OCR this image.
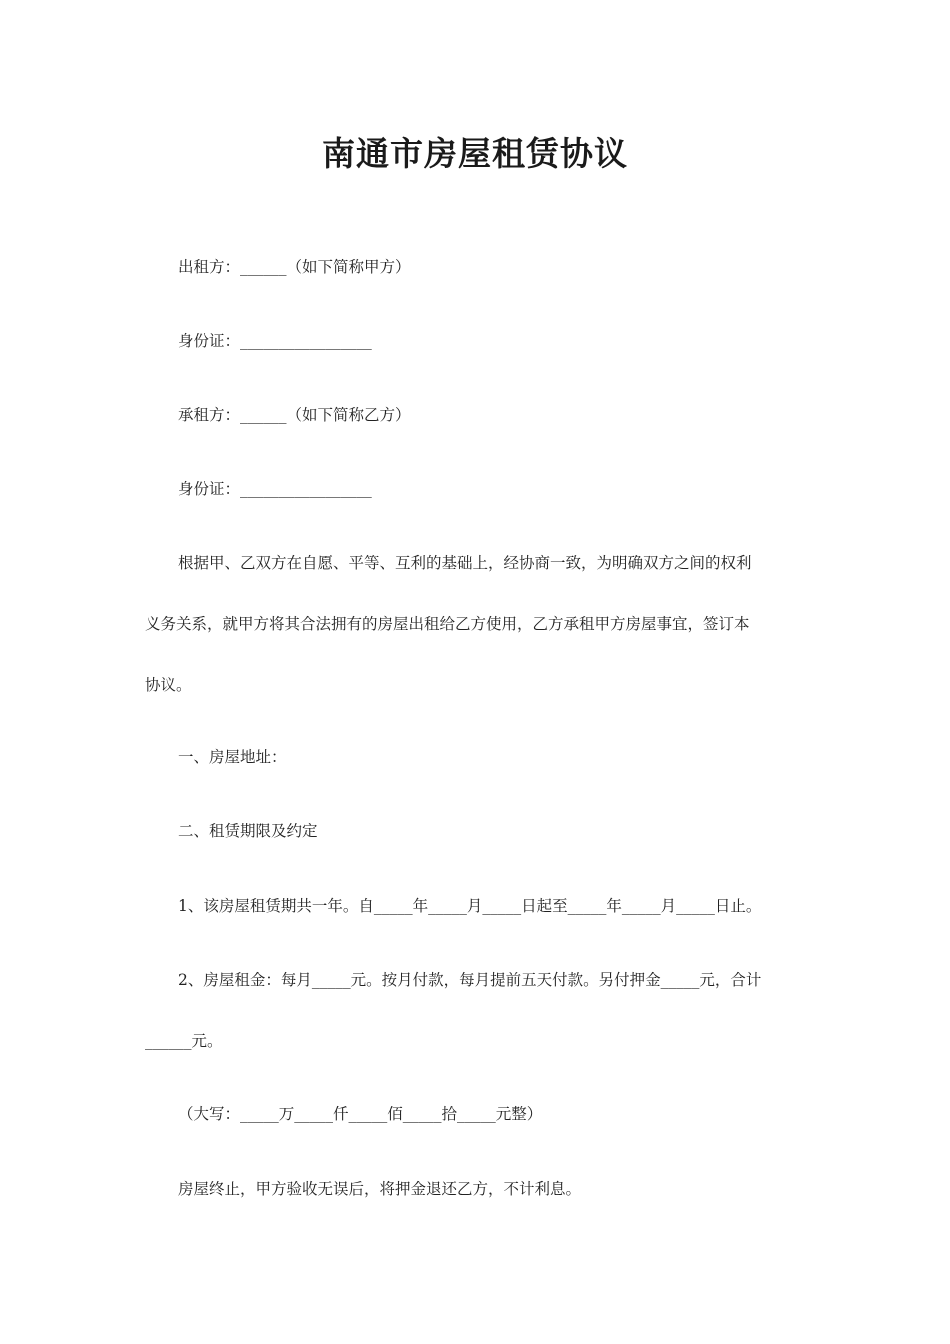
南通市房屋租赁协议
出租方：______（如下简称甲方）
身份证：_________________
承租方：______（如下简称乙方）
身份证：_________________
根据甲、乙双方在自愿、平等、互利的基础上，经协商一致，为明确双方之间的权利
义务关系，就甲方将其合法拥有的房屋出租给乙方使用，乙方承租甲方房屋事宜，签订本
协议。
一、房屋地址：
二、租赁期限及约定
1、该房屋租赁期共一年。自_____年_____月_____日起至_____年_____月_____日止。
2、房屋租金：每月_____元。按月付款，每月提前五天付款。另付押金_____元，合计
______元。
（大写：_____万_____仟_____佰_____拾_____元整）
房屋终止，甲方验收无误后，将押金退还乙方，不计利息。
